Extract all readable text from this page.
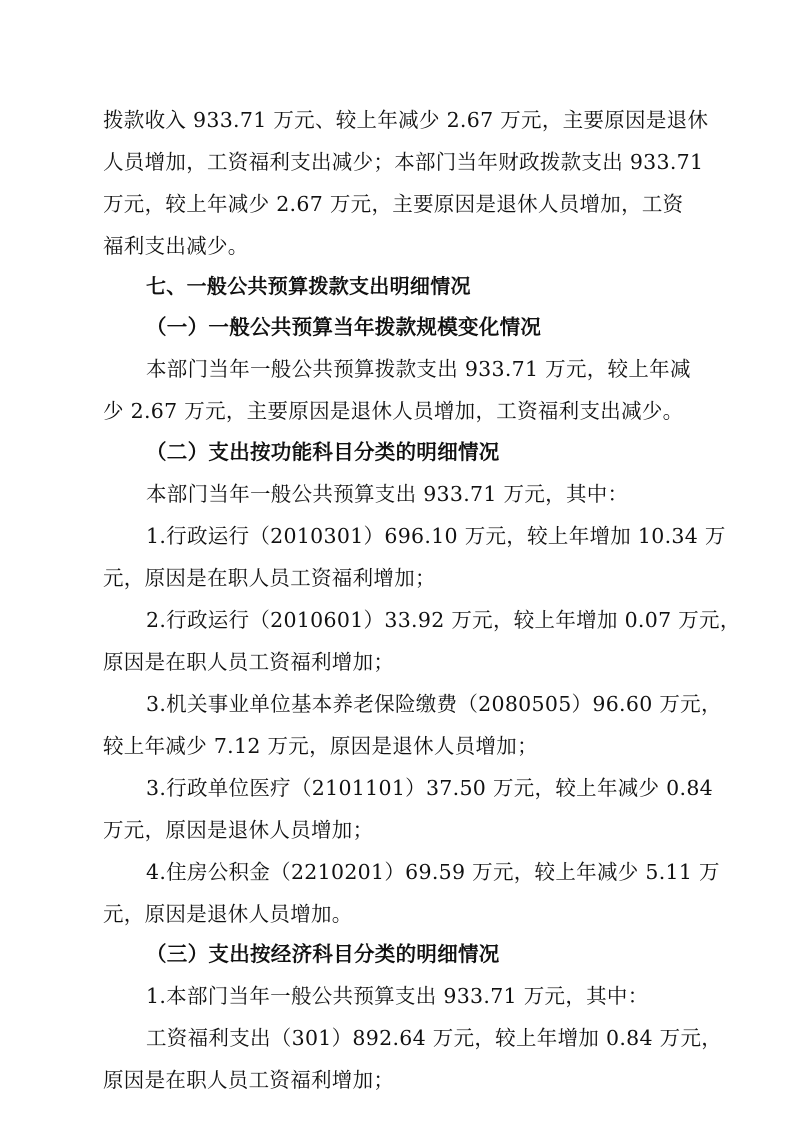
拨款收入 933.71 万元、较上年减少 2.67 万元，主要原因是退休
人员增加，工资福利支出减少；本部门当年财政拨款支出 933.71
万元，较上年减少 2.67 万元，主要原因是退休人员增加，工资
福利支出减少。
七、一般公共预算拨款支出明细情况
（一）一般公共预算当年拨款规模变化情况
本部门当年一般公共预算拨款支出 933.71 万元，较上年减
少 2.67 万元，主要原因是退休人员增加，工资福利支出减少。
（二）支出按功能科目分类的明细情况
本部门当年一般公共预算支出 933.71 万元，其中：
1.行政运行（2010301）696.10 万元，较上年增加 10.34 万
元，原因是在职人员工资福利增加；
2.行政运行（2010601）33.92 万元，较上年增加 0.07 万元，
原因是在职人员工资福利增加；
3.机关事业单位基本养老保险缴费（2080505）96.60 万元，
较上年减少 7.12 万元，原因是退休人员增加；
3.行政单位医疗（2101101）37.50 万元，较上年减少 0.84
万元，原因是退休人员增加；
4.住房公积金（2210201）69.59 万元，较上年减少 5.11 万
元，原因是退休人员增加。
（三）支出按经济科目分类的明细情况
1.本部门当年一般公共预算支出 933.71 万元，其中：
工资福利支出（301）892.64 万元，较上年增加 0.84 万元，
原因是在职人员工资福利增加；
